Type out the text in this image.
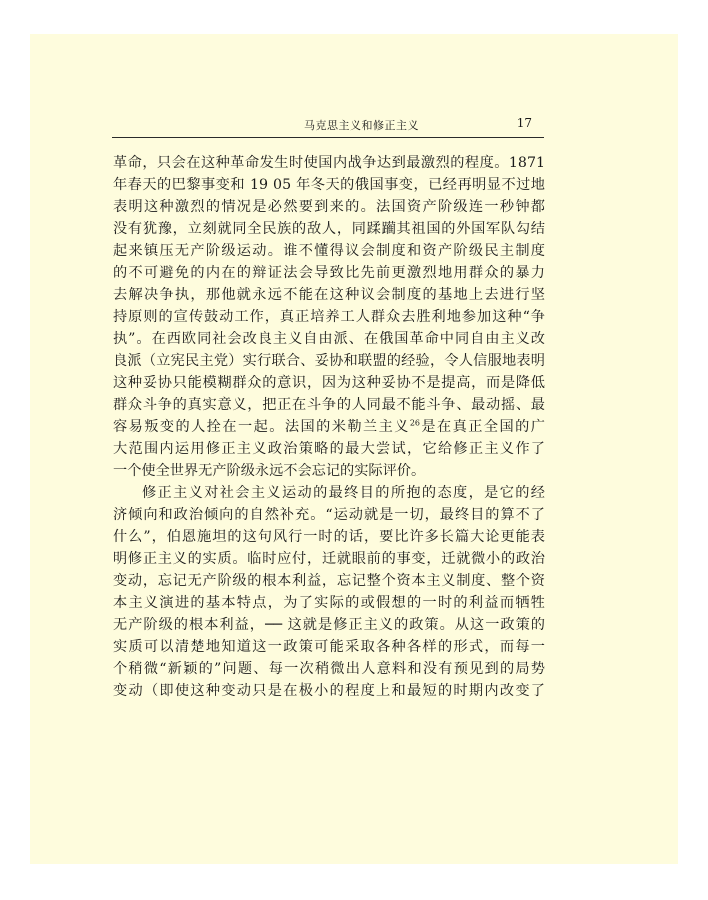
马克思主义和修正主义	17
革命，只会在这种革命发生时使国内战争达到最激烈的程度。1871
年春天的巴黎事变和 19 05 年冬天的俄国事变，已经再明显不过地
表明这种激烈的情况是必然要到来的。法国资产阶级连一秒钟都
没有犹豫，立刻就同全民族的敌人，同蹂躏其祖国的外国军队勾结
起来镇压无产阶级运动。谁不懂得议会制度和资产阶级民主制度
的不可避免的内在的辩证法会导致比先前更激烈地用群众的暴力
去解决争执，那他就永远不能在这种议会制度的基地上去进行坚
持原则的宣传鼓动工作，真正培养工人群众去胜利地参加这种“争
执”。在西欧同社会改良主义自由派、在俄国革命中同自由主义改
良派（立宪民主党）实行联合、妥协和联盟的经验，令人信服地表明
这种妥协只能模糊群众的意识，因为这种妥协不是提高，而是降低
群众斗争的真实意义，把正在斗争的人同最不能斗争、最动摇、最
容易叛变的人拴在一起。法国的米勒兰主义$^{26}$是在真正全国的广
大范围内运用修正主义政治策略的最大尝试，它给修正主义作了
一个使全世界无产阶级永远不会忘记的实际评价。
修正主义对社会主义运动的最终目的所抱的态度，是它的经
济倾向和政治倾向的自然补充。“运动就是一切，最终目的算不了
什么”，伯恩施坦的这句风行一时的话，要比许多长篇大论更能表
明修正主义的实质。临时应付，迁就眼前的事变，迁就微小的政治
变动，忘记无产阶级的根本利益，忘记整个资本主义制度、整个资
本主义演进的基本特点，为了实际的或假想的一时的利益而牺牲
无产阶级的根本利益，── 这就是修正主义的政策。从这一政策的
实质可以清楚地知道这一政策可能采取各种各样的形式，而每一
个稍微“新颖的”问题、每一次稍微出人意料和没有预见到的局势
变动（即使这种变动只是在极小的程度上和最短的时期内改变了
